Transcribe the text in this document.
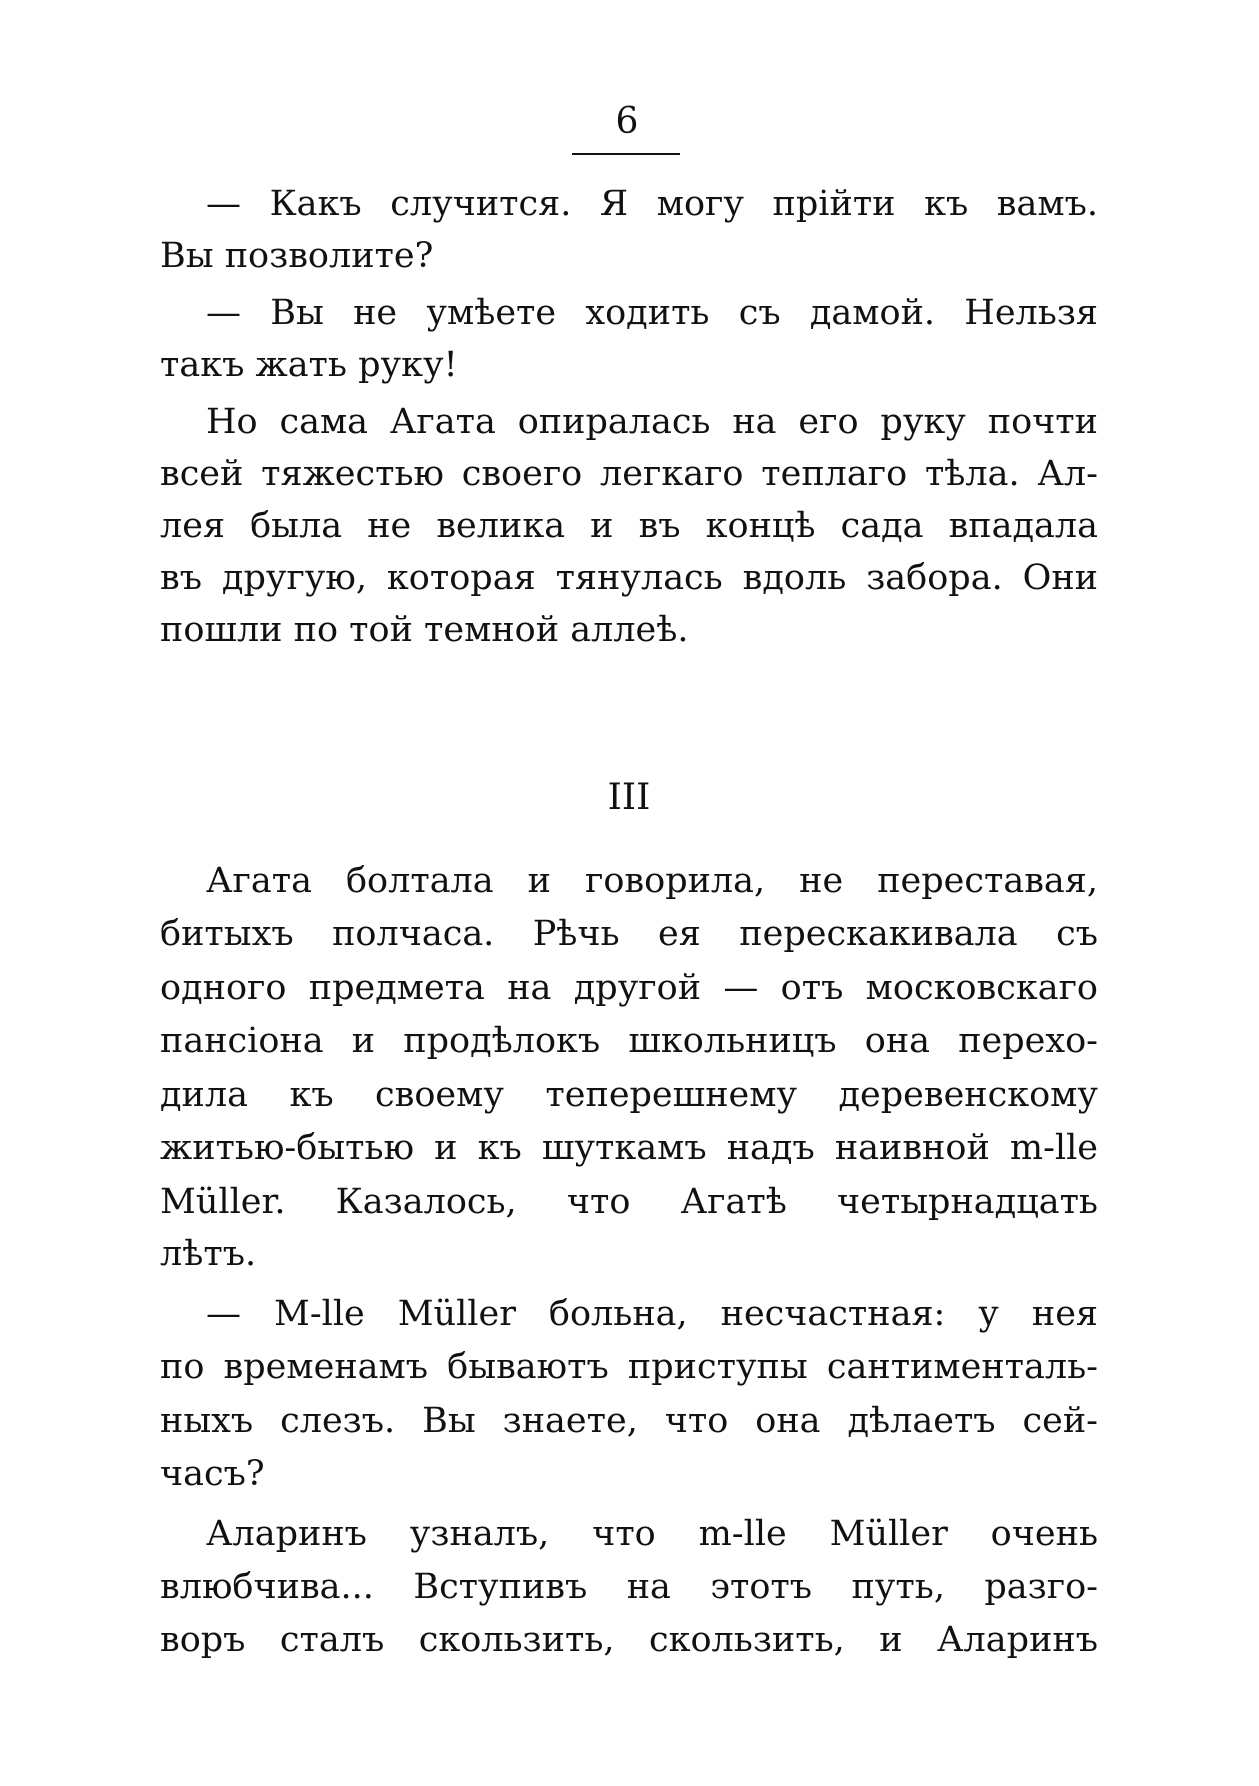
6
— Какъ случится. Я могу прійти къ вамъ.
Вы позволите?
— Вы не умѣете ходить съ дамой. Нельзя
такъ жать руку!
Но сама Агата опиралась на его руку почти
всей тяжестью своего легкаго теплаго тѣла. Ал-
лея была не велика и въ концѣ сада впадала
въ другую, которая тянулась вдоль забора. Они
пошли по той темной аллеѣ.
III
Агата болтала и говорила, не переставая,
битыхъ полчаса. Рѣчь ея перескакивала съ
одного предмета на другой — отъ московскаго
пансіона и продѣлокъ школьницъ она перехо-
дила къ своему теперешнему деревенскому
житью-бытью и къ шуткамъ надъ наивной m-lle
Müller. Казалось, что Агатѣ четырнадцать
лѣтъ.
— M-lle Müller больна, несчастная: у нея
по временамъ бываютъ приступы сантименталь-
ныхъ слезъ. Вы знаете, что она дѣлаетъ сей-
часъ?
Аларинъ узналъ, что m-lle Müller очень
влюбчива... Вступивъ на этотъ путь, разго-
воръ сталъ скользить, скользить, и Аларинъ
